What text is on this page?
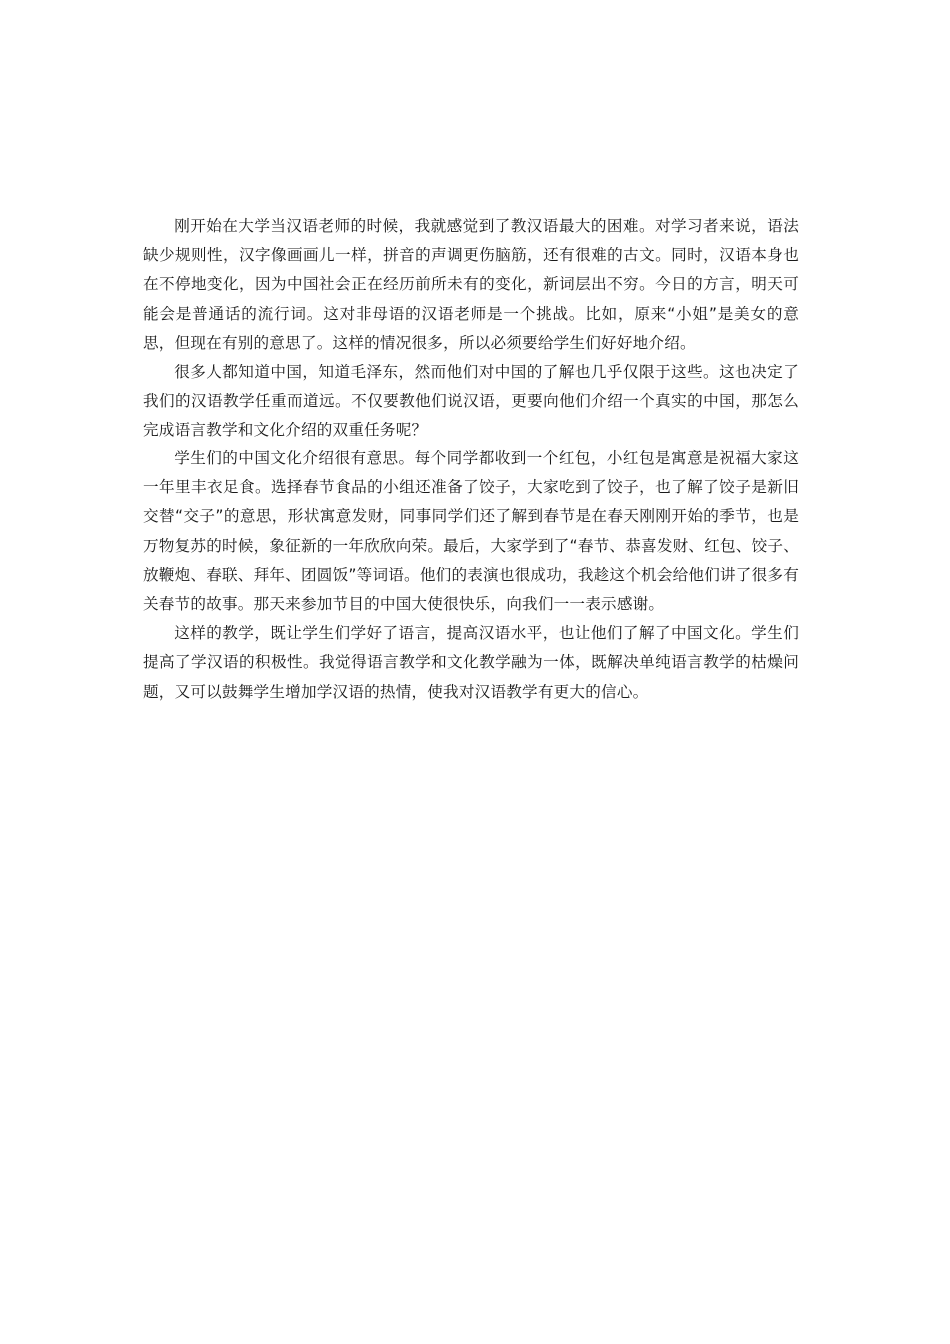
刚开始在大学当汉语老师的时候，我就感觉到了教汉语最大的困难。对学习者来说，语法缺少规则性，汉字像画画儿一样，拼音的声调更伤脑筋，还有很难的古文。同时，汉语本身也在不停地变化，因为中国社会正在经历前所未有的变化，新词层出不穷。今日的方言，明天可能会是普通话的流行词。这对非母语的汉语老师是一个挑战。比如，原来“小姐”是美女的意思，但现在有别的意思了。这样的情况很多，所以必须要给学生们好好地介绍。

很多人都知道中国，知道毛泽东，然而他们对中国的了解也几乎仅限于这些。这也决定了我们的汉语教学任重而道远。不仅要教他们说汉语，更要向他们介绍一个真实的中国，那怎么完成语言教学和文化介绍的双重任务呢？

学生们的中国文化介绍很有意思。每个同学都收到一个红包，小红包是寓意是祝福大家这一年里丰衣足食。选择春节食品的小组还准备了饺子，大家吃到了饺子，也了解了饺子是新旧交替“交子”的意思，形状寓意发财，同事同学们还了解到春节是在春天刚刚开始的季节，也是万物复苏的时候，象征新的一年欣欣向荣。最后，大家学到了“春节、恭喜发财、红包、饺子、放鞭炮、春联、拜年、团圆饭”等词语。他们的表演也很成功，我趁这个机会给他们讲了很多有关春节的故事。那天来参加节目的中国大使很快乐，向我们一一表示感谢。

这样的教学，既让学生们学好了语言，提高汉语水平，也让他们了解了中国文化。学生们提高了学汉语的积极性。我觉得语言教学和文化教学融为一体，既解决单纯语言教学的枯燥问题，又可以鼓舞学生增加学汉语的热情，使我对汉语教学有更大的信心。
